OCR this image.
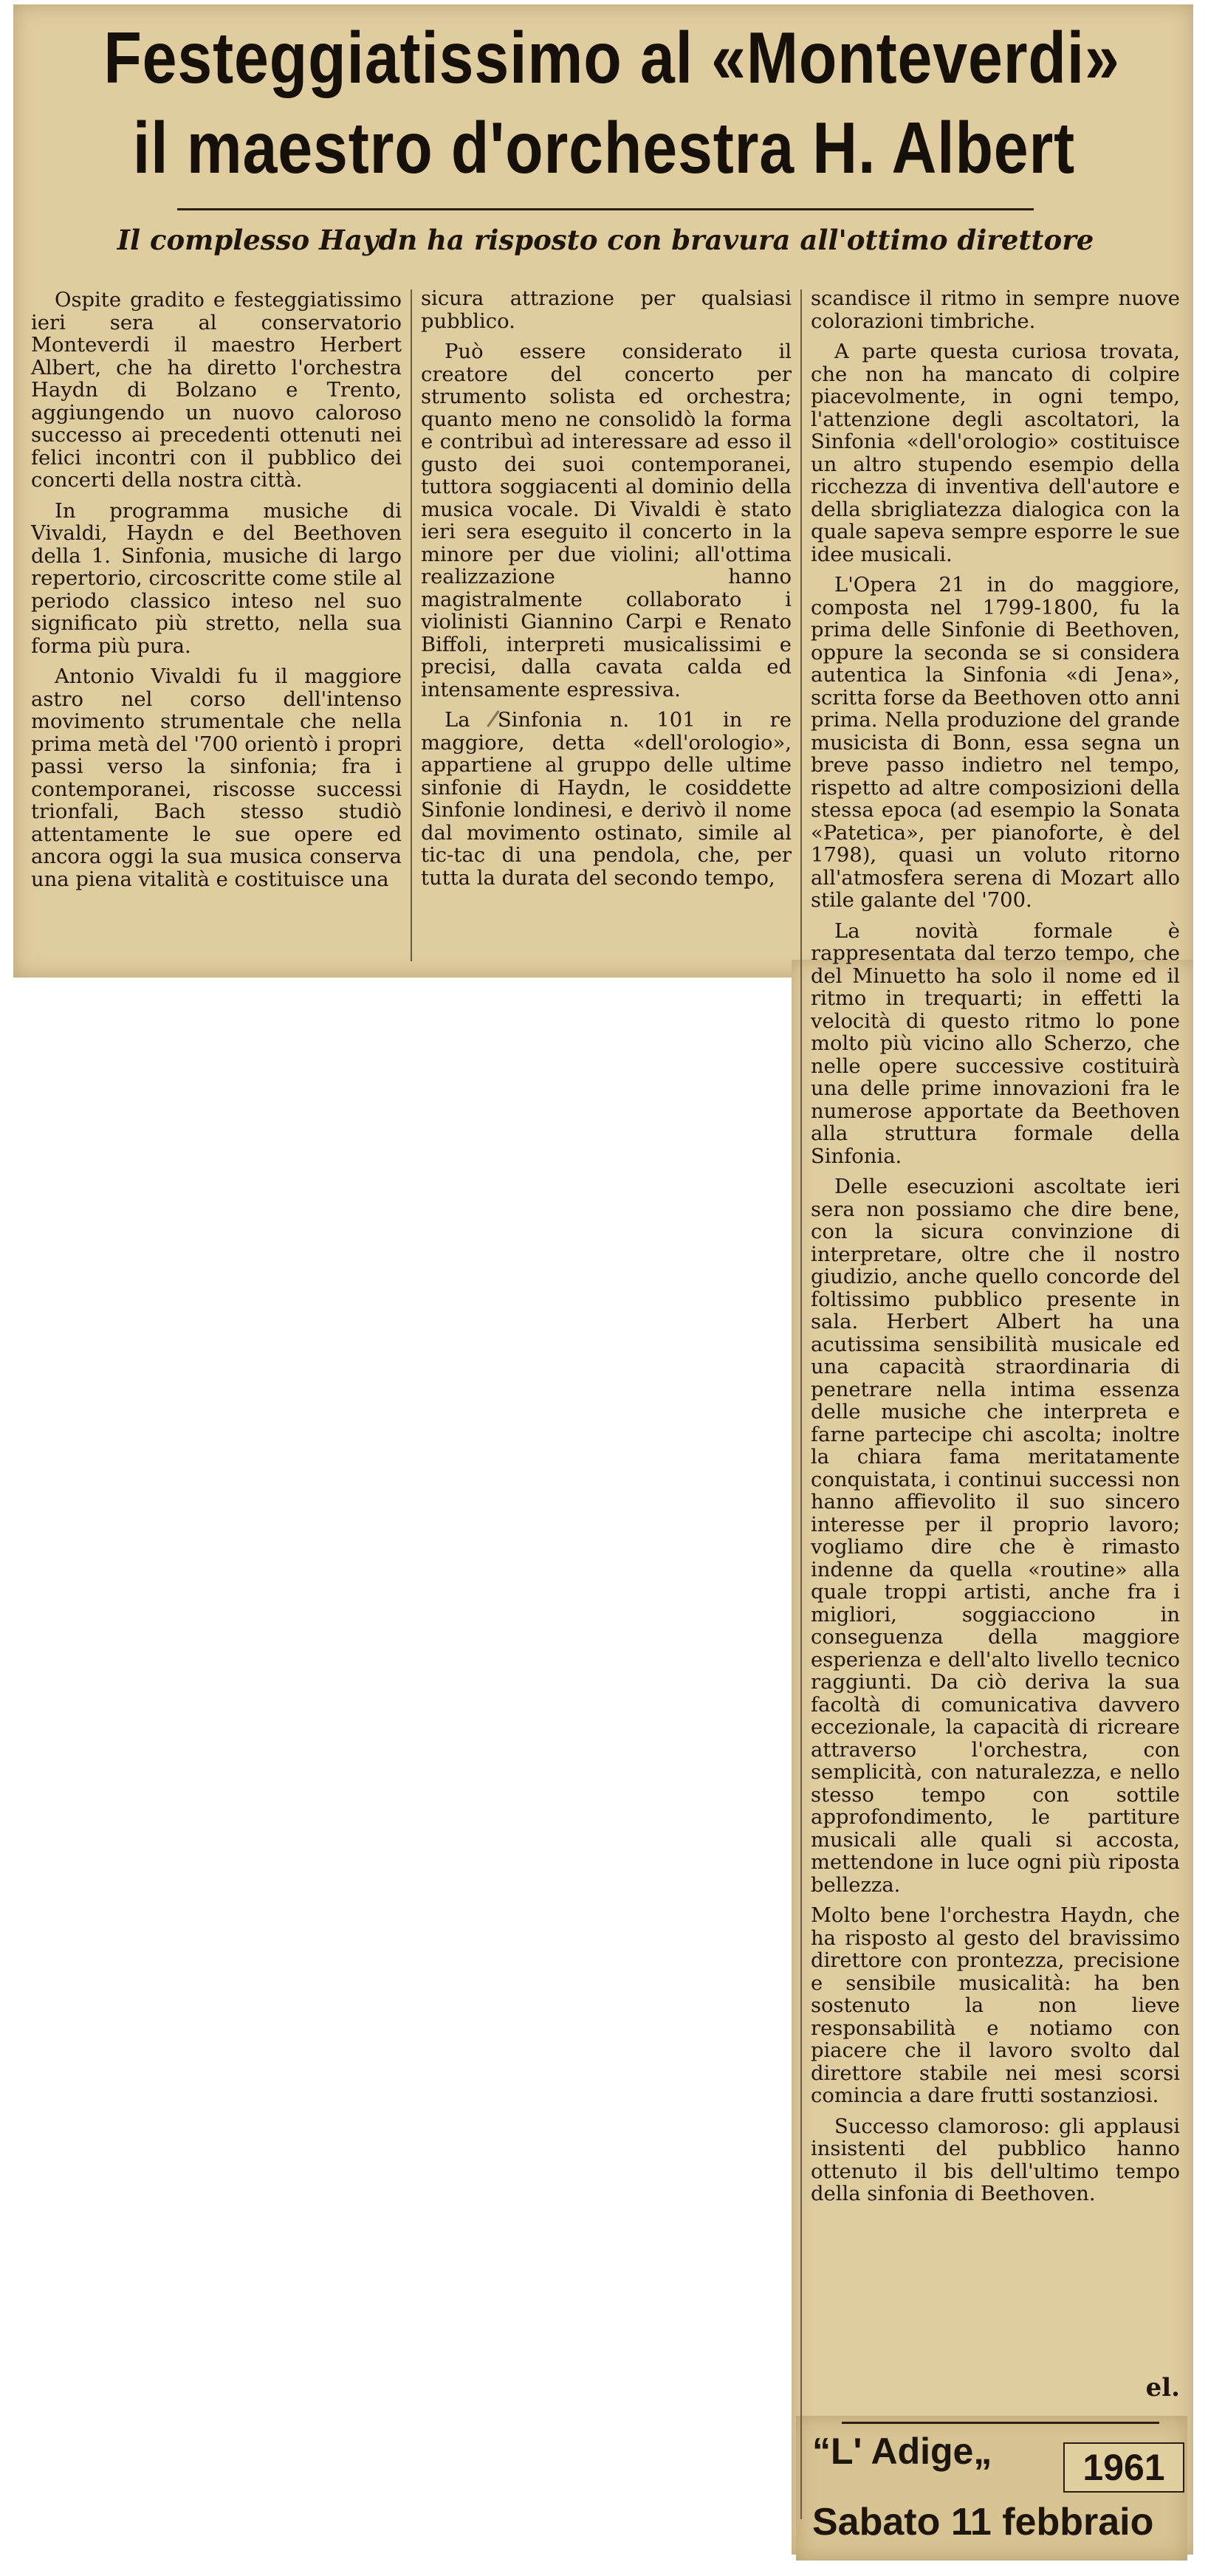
Festeggiatissimo al «Monteverdi»
il maestro d'orchestra H. Albert
Il complesso Haydn ha risposto con bravura all'ottimo direttore

Ospite gradito e festeggiatissimo ieri sera al conservatorio Monteverdi il maestro Herbert Albert, che ha diretto l'orchestra Haydn di Bolzano e Trento, aggiungendo un nuovo caloroso successo ai precedenti ottenuti nei felici incontri con il pubblico dei concerti della nostra città.

In programma musiche di Vivaldi, Haydn e del Beethoven della 1. Sinfonia, musiche di largo repertorio, circoscritte come stile al periodo classico inteso nel suo significato più stretto, nella sua forma più pura.

Antonio Vivaldi fu il maggiore astro nel corso dell'intenso movimento strumentale che nella prima metà del '700 orientò i propri passi verso la sinfonia; fra i contemporanei, riscosse successi trionfali, Bach stesso studiò attentamente le sue opere ed ancora oggi la sua musica conserva una piena vitalità e costituisce una

sicura attrazione per qualsiasi pubblico.

Può essere considerato il creatore del concerto per strumento solista ed orchestra; quanto meno ne consolidò la forma e contribuì ad interessare ad esso il gusto dei suoi contemporanei, tuttora soggiacenti al dominio della musica vocale. Di Vivaldi è stato ieri sera eseguito il concerto in la minore per due violini; all'ottima realizzazione hanno magistralmente collaborato i violinisti Giannino Carpi e Renato Biffoli, interpreti musicalissimi e precisi, dalla cavata calda ed intensamente espressiva.

La Sinfonia n. 101 in re maggiore, detta «dell'orologio», appartiene al gruppo delle ultime sinfonie di Haydn, le cosiddette Sinfonie londinesi, e derivò il nome dal movimento ostinato, simile al tic-tac di una pendola, che, per tutta la durata del secondo tempo,

scandisce il ritmo in sempre nuove colorazioni timbriche.

A parte questa curiosa trovata, che non ha mancato di colpire piacevolmente, in ogni tempo, l'attenzione degli ascoltatori, la Sinfonia «dell'orologio» costituisce un altro stupendo esempio della ricchezza di inventiva dell'autore e della sbrigliatezza dialogica con la quale sapeva sempre esporre le sue idee musicali.

L'Opera 21 in do maggiore, composta nel 1799-1800, fu la prima delle Sinfonie di Beethoven, oppure la seconda se si considera autentica la Sinfonia «di Jena», scritta forse da Beethoven otto anni prima. Nella produzione del grande musicista di Bonn, essa segna un breve passo indietro nel tempo, rispetto ad altre composizioni della stessa epoca (ad esempio la Sonata «Patetica», per pianoforte, è del 1798), quasi un voluto ritorno all'atmosfera serena di Mozart allo stile galante del '700.

La novità formale è rappresentata dal terzo tempo, che del Minuetto ha solo il nome ed il ritmo in trequarti; in effetti la velocità di questo ritmo lo pone molto più vicino allo Scherzo, che nelle opere successive costituirà una delle prime innovazioni fra le numerose apportate da Beethoven alla struttura formale della Sinfonia.

Delle esecuzioni ascoltate ieri sera non possiamo che dire bene, con la sicura convinzione di interpretare, oltre che il nostro giudizio, anche quello concorde del foltissimo pubblico presente in sala. Herbert Albert ha una acutissima sensibilità musicale ed una capacità straordinaria di penetrare nella intima essenza delle musiche che interpreta e farne partecipe chi ascolta; inoltre la chiara fama meritatamente conquistata, i continui successi non hanno affievolito il suo sincero interesse per il proprio lavoro; vogliamo dire che è rimasto indenne da quella «routine» alla quale troppi artisti, anche fra i migliori, soggiacciono in conseguenza della maggiore esperienza e dell'alto livello tecnico raggiunti. Da ciò deriva la sua facoltà di comunicativa davvero eccezionale, la capacità di ricreare attraverso l'orchestra, con semplicità, con naturalezza, e nello stesso tempo con sottile approfondimento, le partiture musicali alle quali si accosta, mettendone in luce ogni più riposta bellezza.

Molto bene l'orchestra Haydn, che ha risposto al gesto del bravissimo direttore con prontezza, precisione e sensibile musicalità: ha ben sostenuto la non lieve responsabilità e notiamo con piacere che il lavoro svolto dal direttore stabile nei mesi scorsi comincia a dare frutti sostanziosi.

Successo clamoroso: gli applausi insistenti del pubblico hanno ottenuto il bis dell'ultimo tempo della sinfonia di Beethoven.

el.
“L' Adige„	1961
Sabato 11 febbraio
